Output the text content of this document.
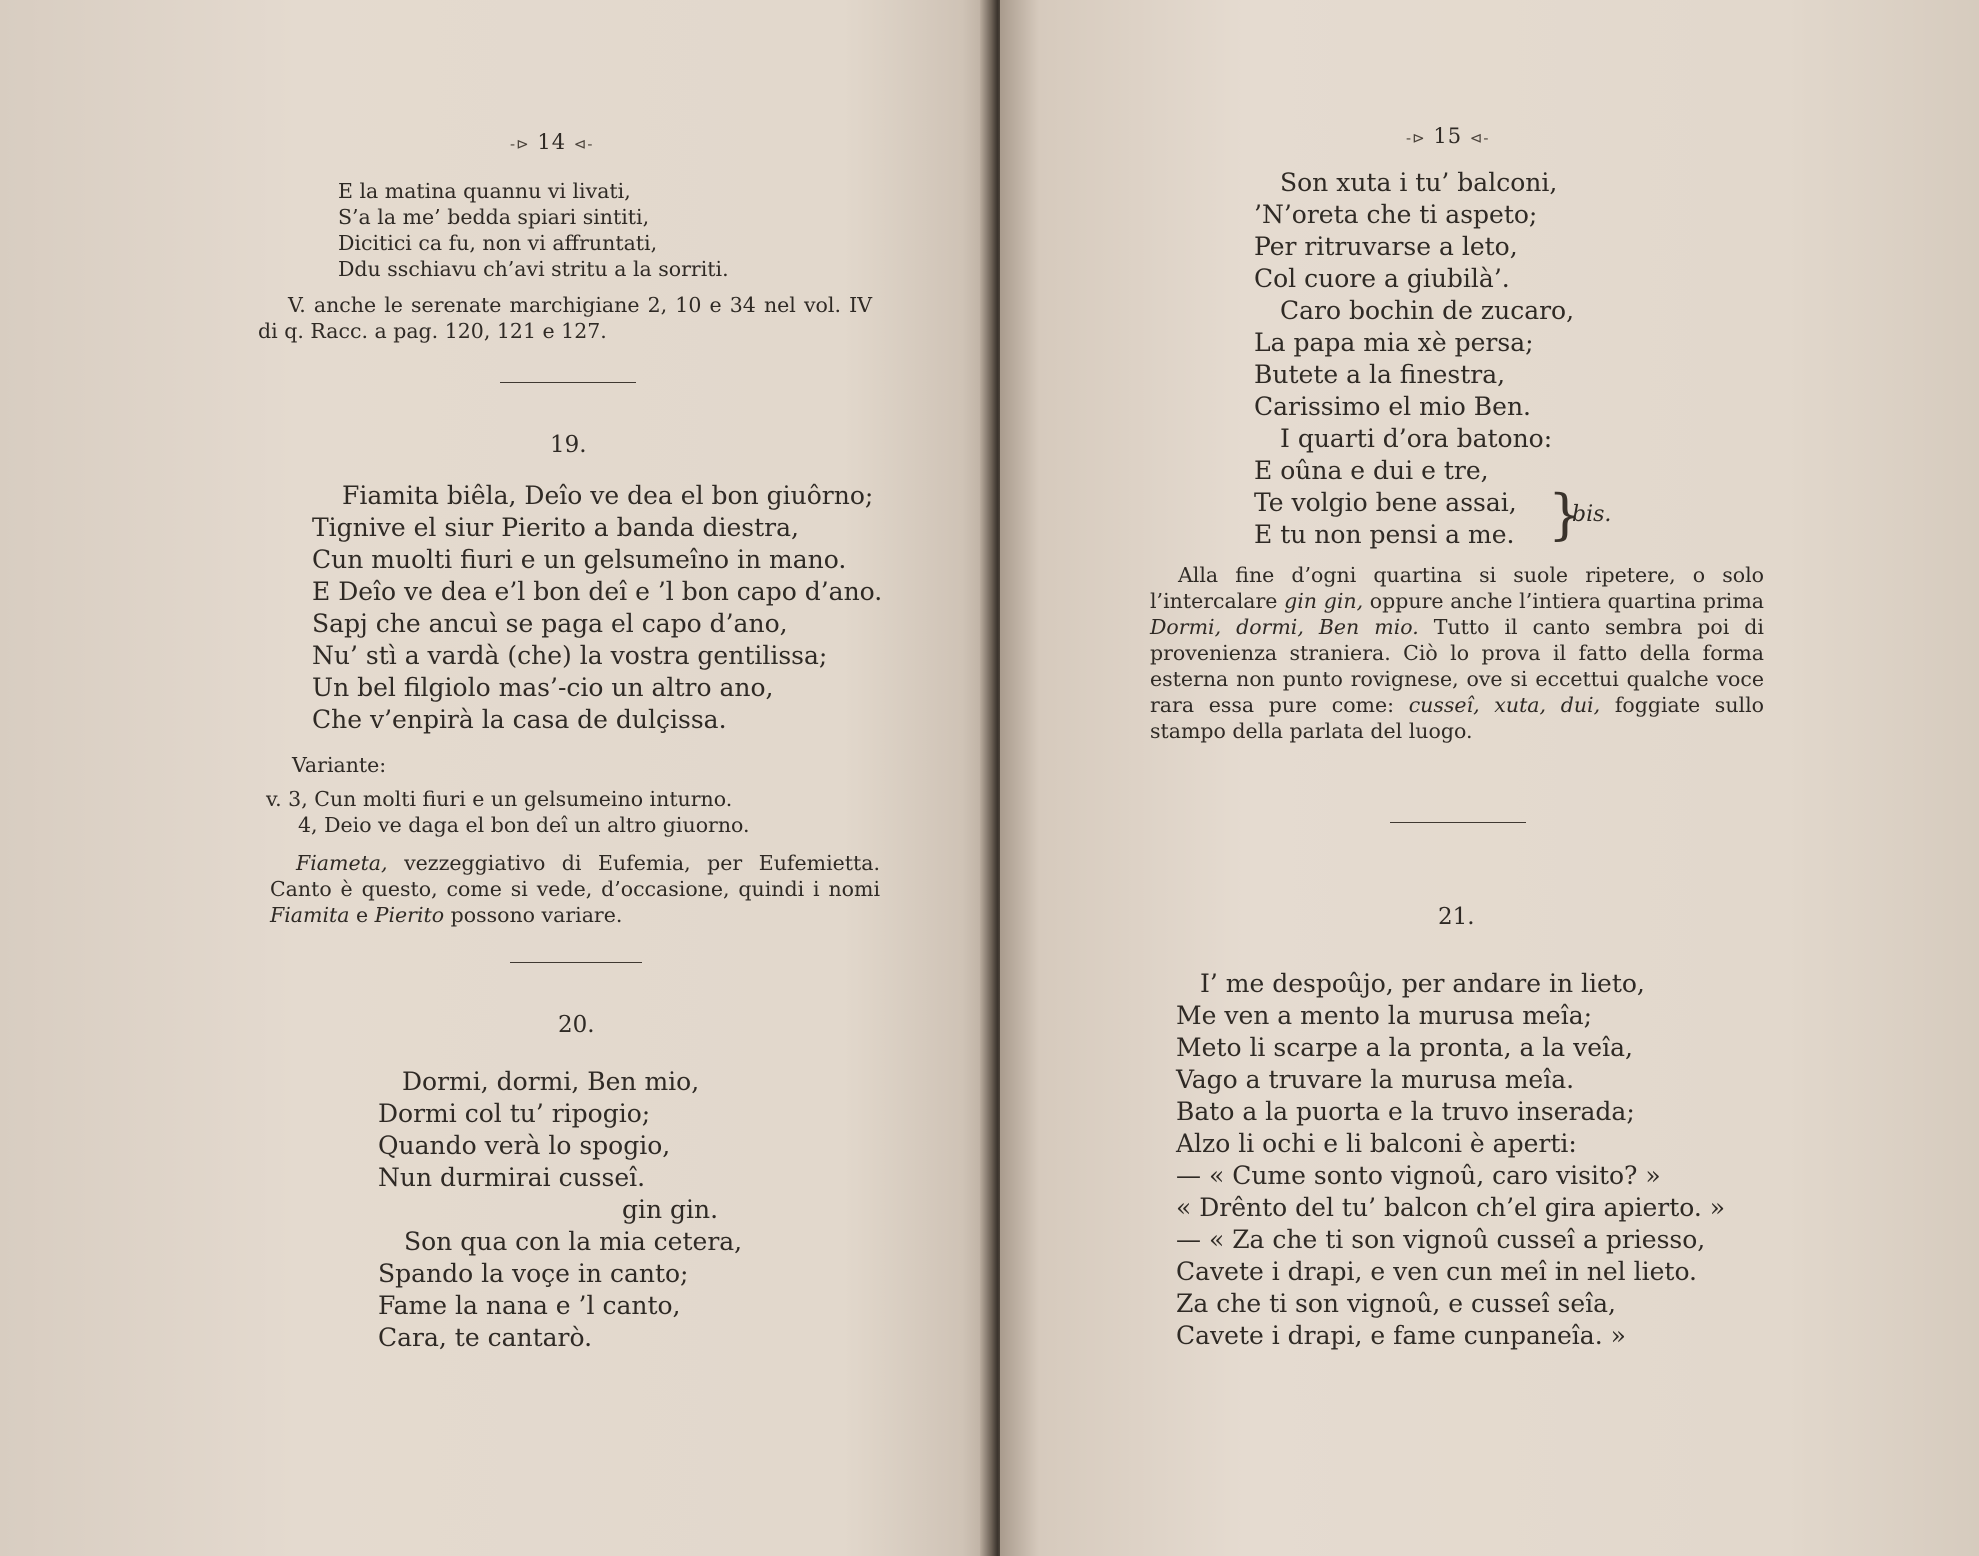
-⊳ 14 ⊲-
E la matina quannu vi livati,
S’a la me’ bedda spiari sintiti,
Dicitici ca fu, non vi affruntati,
Ddu sschiavu ch’avi stritu a la sorriti.

V. anche le serenate marchigiane 2, 10 e 34 nel vol. IV di q. Racc. a pag. 120, 121 e 127.

19.
Fiamita biêla, Deîo ve dea el bon giuôrno;
Tignive el siur Pierito a banda diestra,
Cun muolti fiuri e un gelsumeîno in mano.
E Deîo ve dea e’l bon deî e ’l bon capo d’ano.
Sapj che ancuì se paga el capo d’ano,
Nu’ stì a vardà (che) la vostra gentilissa;
Un bel filgiolo mas’-cio un altro ano,
Che v’enpirà la casa de dulçissa.
Variante:
v. 3, Cun molti fiuri e un gelsumeino inturno.
4, Deio ve daga el bon deî un altro giuorno.

Fiameta, vezzeggiativo di Eufemia, per Eufemietta. Canto è questo, come si vede, d’occasione, quindi i nomi Fiamita e Pierito possono variare.

20.
Dormi, dormi, Ben mio,
Dormi col tu’ ripogio;
Quando verà lo spogio,
Nun durmirai cusseî.
gin gin.
Son qua con la mia cetera,
Spando la voçe in canto;
Fame la nana e ’l canto,
Cara, te cantarò.
-⊳ 15 ⊲-
Son xuta i tu’ balconi,
’N’oreta che ti aspeto;
Per ritruvarse a leto,
Col cuore a giubilà’.
Caro bochin de zucaro,
La papa mia xè persa;
Butete a la finestra,
Carissimo el mio Ben.
I quarti d’ora batono:
E oûna e dui e tre,
Te volgio bene assai,
E tu non pensi a me. }
bis.

Alla fine d’ogni quartina si suole ripetere, o solo l’intercalare gin gin, oppure anche l’intiera quartina prima Dormi, dormi, Ben mio. Tutto il canto sembra poi di provenienza straniera. Ciò lo prova il fatto della forma esterna non punto rovignese, ove si eccettui qualche voce rara essa pure come: cusseî, xuta, dui, foggiate sullo stampo della parlata del luogo.

21.
I’ me despoûjo, per andare in lieto,
Me ven a mento la murusa meîa;
Meto li scarpe a la pronta, a la veîa,
Vago a truvare la murusa meîa.
Bato a la puorta e la truvo inserada;
Alzo li ochi e li balconi è aperti:
— « Cume sonto vignoû, caro visito? »
« Drênto del tu’ balcon ch’el gira apierto. »
— « Za che ti son vignoû cusseî a priesso,
Cavete i drapi, e ven cun meî in nel lieto.
Za che ti son vignoû, e cusseî seîa,
Cavete i drapi, e fame cunpaneîa. »
